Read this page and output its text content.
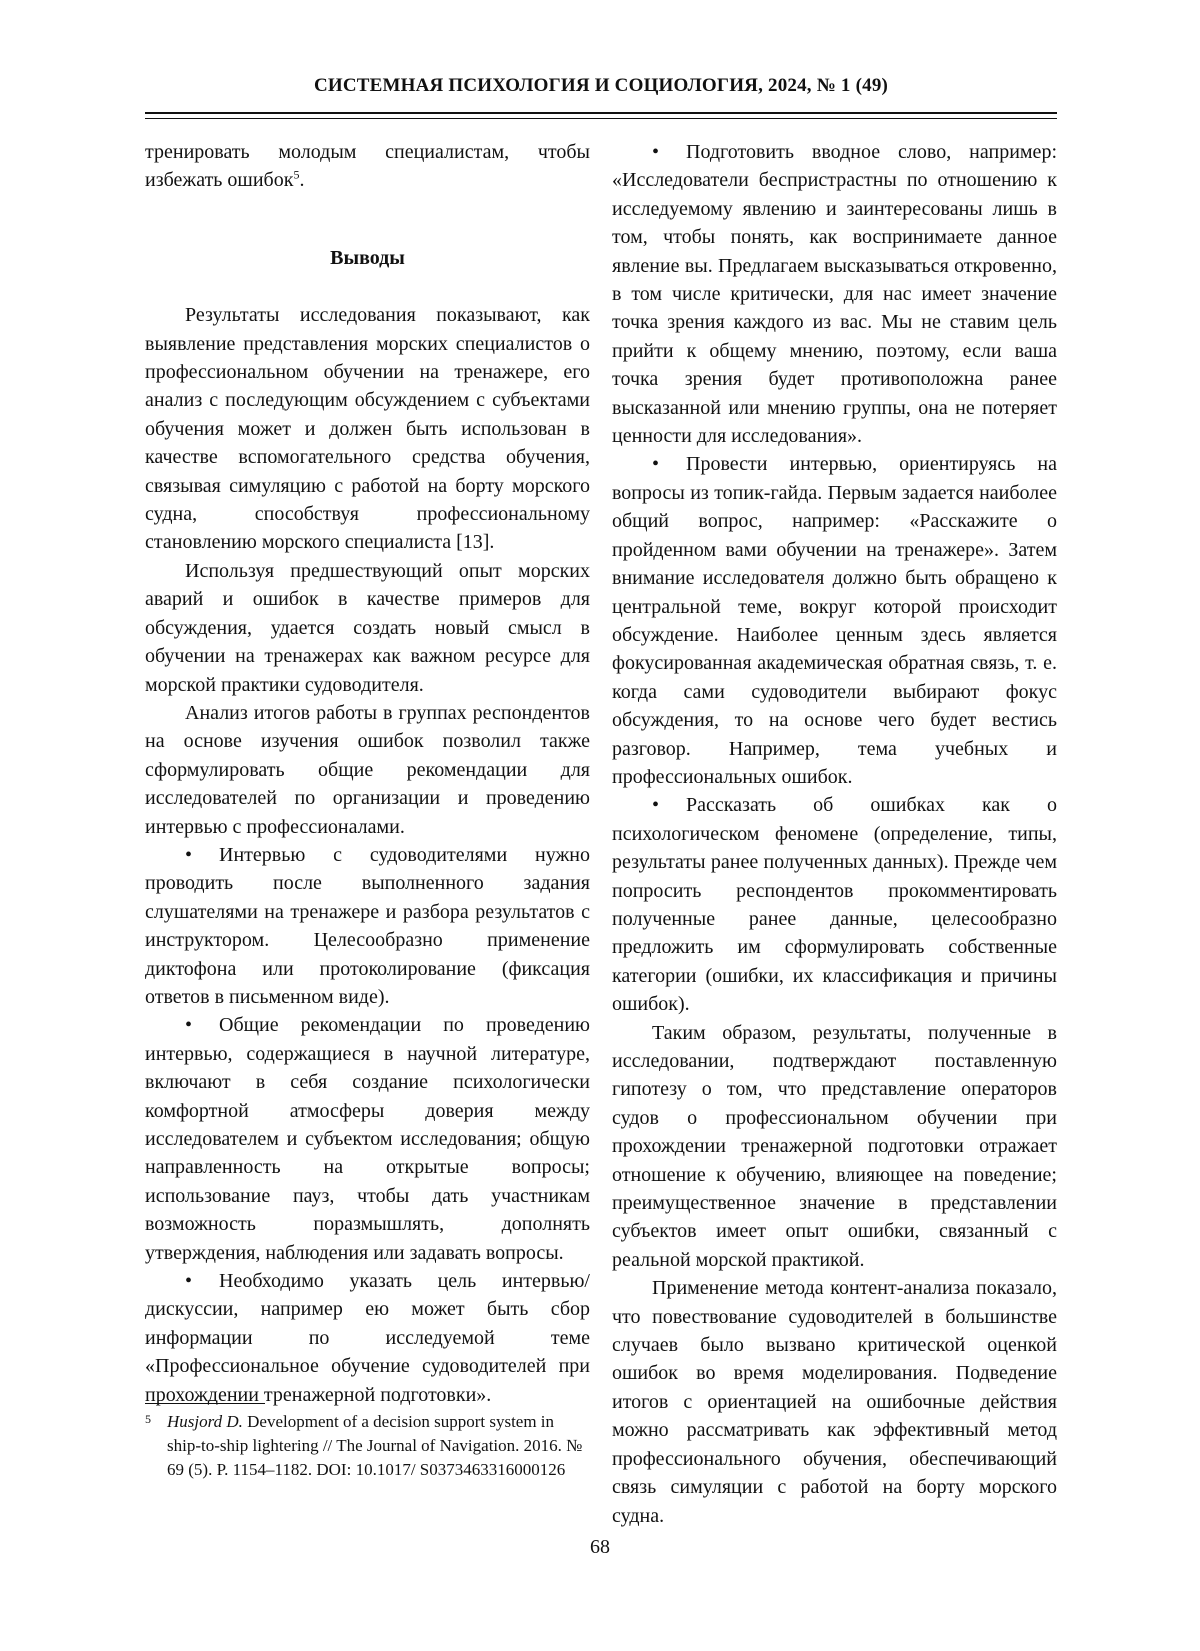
СИСТЕМНАЯ ПСИХОЛОГИЯ И СОЦИОЛОГИЯ, 2024, № 1 (49)

тренировать молодым специалистам, чтобы избежать ошибок$^5$.

Выводы

Результаты исследования показывают, как выявление представления морских специалистов о профессиональном обучении на тренажере, его анализ с последующим обсуждением с субъектами обучения может и должен быть использован в качестве вспомогательного средства обучения, связывая симуляцию с работой на борту морского судна, способствуя профессиональному становлению морского специалиста [13].

Используя предшествующий опыт морских аварий и ошибок в качестве примеров для обсуждения, удается создать новый смысл в обучении на тренажерах как важном ресурсе для морской практики судоводителя.

Анализ итогов работы в группах респондентов на основе изучения ошибок позволил также сформулировать общие рекомендации для исследователей по организации и проведению интервью с профессионалами.

• Интервью с судоводителями нужно проводить после выполненного задания слушателями на тренажере и разбора результатов с инструктором. Целесообразно применение диктофона или протоколирование (фиксация ответов в письменном виде).
• Общие рекомендации по проведению интервью, содержащиеся в научной литературе, включают в себя создание психологически комфортной атмосферы доверия между исследователем и субъектом исследования; общую направленность на открытые вопросы; использование пауз, чтобы дать участникам возможность поразмышлять, дополнять утверждения, наблюдения или задавать вопросы.
• Необходимо указать цель интервью/ дискуссии, например ею может быть сбор информации по исследуемой теме «Профессиональное обучение судоводителей при прохождении тренажерной подготовки».
• Подготовить вводное слово, например: «Исследователи беспристрастны по отношению к исследуемому явлению и заинтересованы лишь в том, чтобы понять, как воспринимаете данное явление вы. Предлагаем высказываться откровенно, в том числе критически, для нас имеет значение точка зрения каждого из вас. Мы не ставим цель прийти к общему мнению, поэтому, если ваша точка зрения будет противоположна ранее высказанной или мнению группы, она не потеряет ценности для исследования».
• Провести интервью, ориентируясь на вопросы из топик-гайда. Первым задается наиболее общий вопрос, например: «Расскажите о пройденном вами обучении на тренажере». Затем внимание исследователя должно быть обращено к центральной теме, вокруг которой происходит обсуждение. Наиболее ценным здесь является фокусированная академическая обратная связь, т. е. когда сами судоводители выбирают фокус обсуждения, то на основе чего будет вестись разговор. Например, тема учебных и профессиональных ошибок.
• Рассказать об ошибках как о психологическом феномене (определение, типы, результаты ранее полученных данных). Прежде чем попросить респондентов прокомментировать полученные ранее данные, целесообразно предложить им сформулировать собственные категории (ошибки, их классификация и причины ошибок).

Таким образом, результаты, полученные в исследовании, подтверждают поставленную гипотезу о том, что представление операторов судов о профессиональном обучении при прохождении тренажерной подготовки отражает отношение к обучению, влияющее на поведение; преимущественное значение в представлении субъектов имеет опыт ошибки, связанный с реальной морской практикой.

Применение метода контент-анализа показало, что повествование судоводителей в большинстве случаев было вызвано критической оценкой ошибок во время моделирования. Подведение итогов с ориентацией на ошибочные действия можно рассматривать как эффективный метод профессионального обучения, обеспечивающий связь симуляции с работой на борту морского судна.

5 Husjord D. Development of a decision support system in ship-to-ship lightering // The Journal of Navigation. 2016. № 69 (5). P. 1154–1182. DOI: 10.1017/ S0373463316000126
68
